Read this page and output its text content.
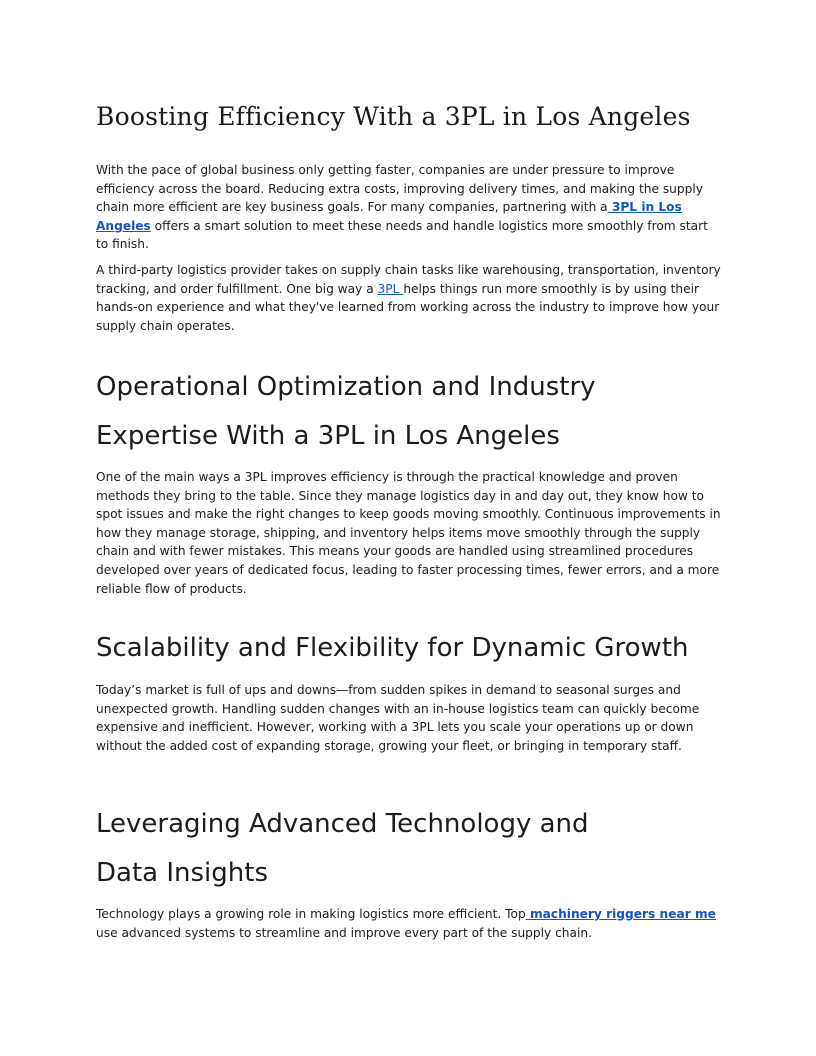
Boosting Efficiency With a 3PL in Los Angeles

With the pace of global business only getting faster, companies are under pressure to improve efficiency across the board. Reducing extra costs, improving delivery times, and making the supply chain more efficient are key business goals. For many companies, partnering with a 3PL in Los Angeles offers a smart solution to meet these needs and handle logistics more smoothly from start to finish.

A third-party logistics provider takes on supply chain tasks like warehousing, transportation, inventory tracking, and order fulfillment. One big way a 3PL helps things run more smoothly is by using their hands-on experience and what they've learned from working across the industry to improve how your supply chain operates.

Operational Optimization and Industry
Expertise With a 3PL in Los Angeles

One of the main ways a 3PL improves efficiency is through the practical knowledge and proven methods they bring to the table. Since they manage logistics day in and day out, they know how to spot issues and make the right changes to keep goods moving smoothly. Continuous improvements in how they manage storage, shipping, and inventory helps items move smoothly through the supply chain and with fewer mistakes. This means your goods are handled using streamlined procedures developed over years of dedicated focus, leading to faster processing times, fewer errors, and a more reliable flow of products.

Scalability and Flexibility for Dynamic Growth

Today’s market is full of ups and downs—from sudden spikes in demand to seasonal surges and unexpected growth. Handling sudden changes with an in-house logistics team can quickly become expensive and inefficient. However, working with a 3PL lets you scale your operations up or down without the added cost of expanding storage, growing your fleet, or bringing in temporary staff.

Leveraging Advanced Technology and
Data Insights

Technology plays a growing role in making logistics more efficient. Top machinery riggers near me use advanced systems to streamline and improve every part of the supply chain.
